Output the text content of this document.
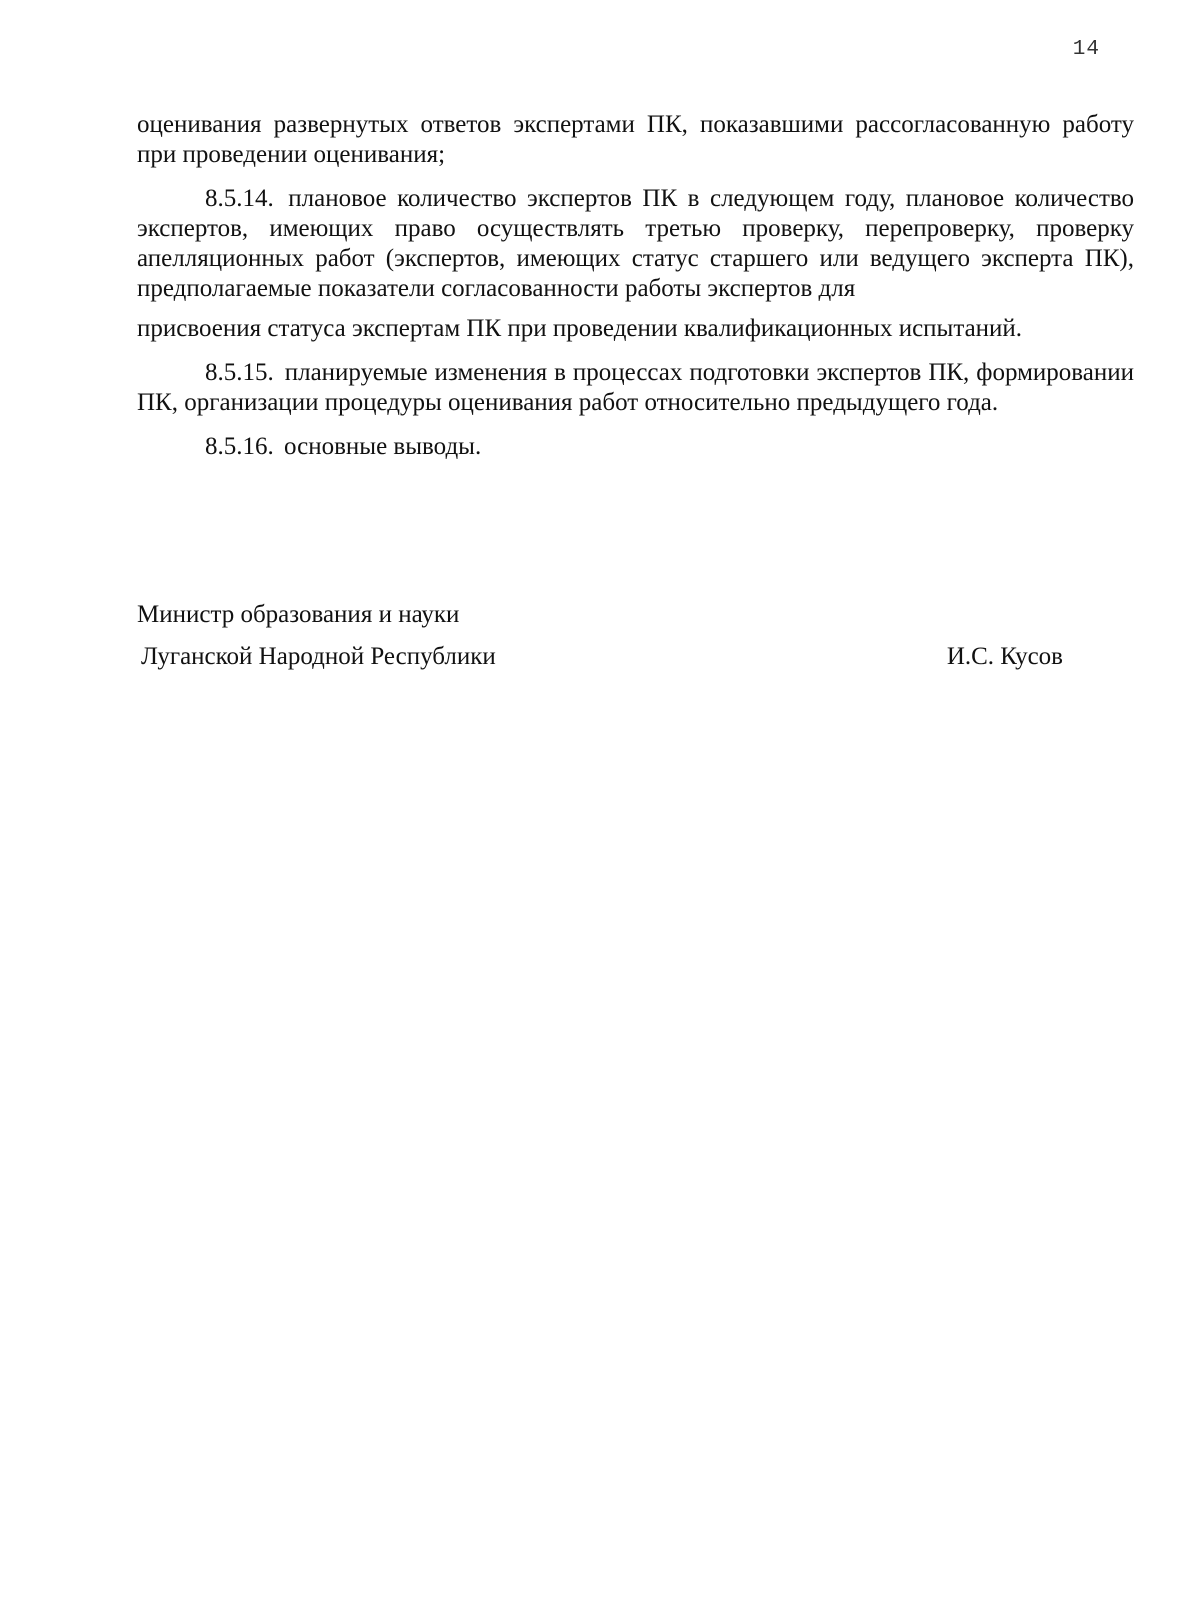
14

оценивания развернутых ответов экспертами ПК, показавшими рассогласованную работу при проведении оценивания;

8.5.14. плановое количество экспертов ПК в следующем году, плановое количество экспертов, имеющих право осуществлять третью проверку, перепроверку, проверку апелляционных работ (экспертов, имеющих статус старшего или ведущего эксперта ПК), предполагаемые показатели согласованности работы экспертов для

присвоения статуса экспертам ПК при проведении квалификационных испытаний.

8.5.15. планируемые изменения в процессах подготовки экспертов ПК, формировании ПК, организации процедуры оценивания работ относительно предыдущего года.

8.5.16. основные выводы.

Министр образования и науки
Луганской Народной Республики	И.С. Кусов
